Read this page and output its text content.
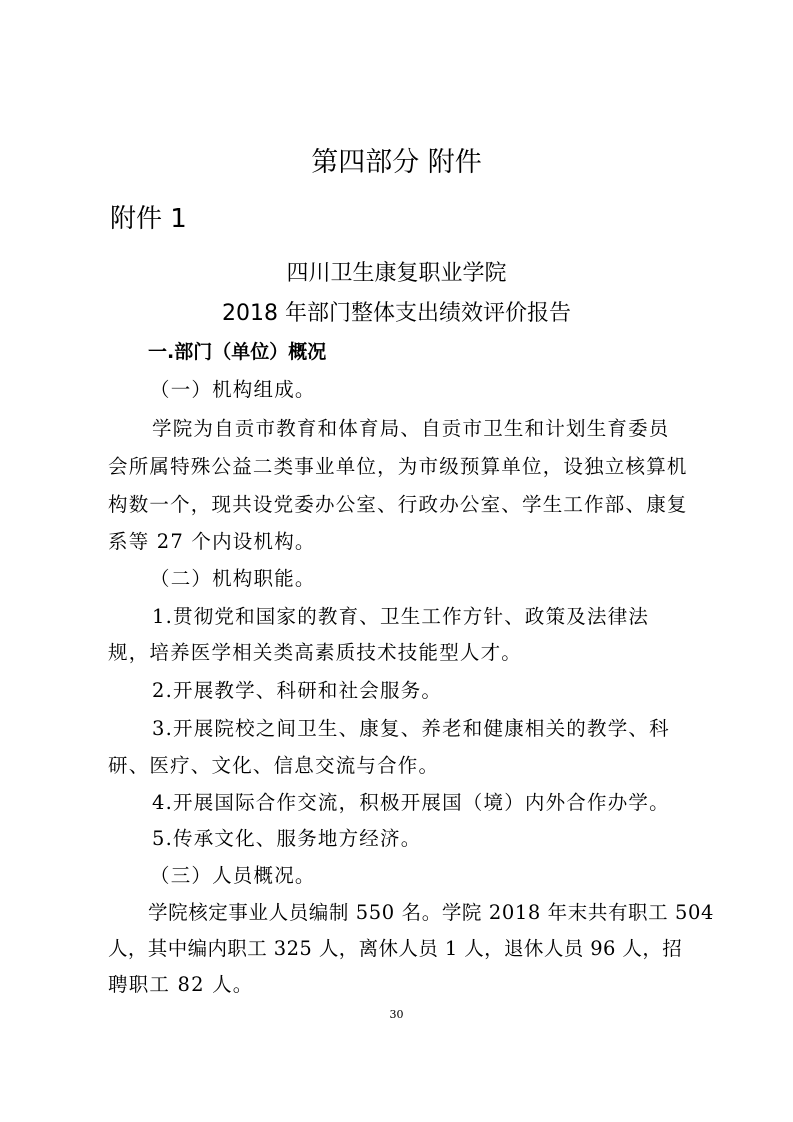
第四部分 附件
附件 1
四川卫生康复职业学院
2018 年部门整体支出绩效评价报告
一.部门（单位）概况
（一）机构组成。
学院为自贡市教育和体育局、自贡市卫生和计划生育委员
会所属特殊公益二类事业单位，为市级预算单位，设独立核算机
构数一个，现共设党委办公室、行政办公室、学生工作部、康复
系等 27 个内设机构。
（二）机构职能。
1.贯彻党和国家的教育、卫生工作方针、政策及法律法
规，培养医学相关类高素质技术技能型人才。
2.开展教学、科研和社会服务。
3.开展院校之间卫生、康复、养老和健康相关的教学、科
研、医疗、文化、信息交流与合作。
4.开展国际合作交流，积极开展国（境）内外合作办学。
5.传承文化、服务地方经济。
（三）人员概况。
学院核定事业人员编制 550 名。学院 2018 年末共有职工 504
人，其中编内职工 325 人，离休人员 1 人，退休人员 96 人，招
聘职工 82 人。
30
